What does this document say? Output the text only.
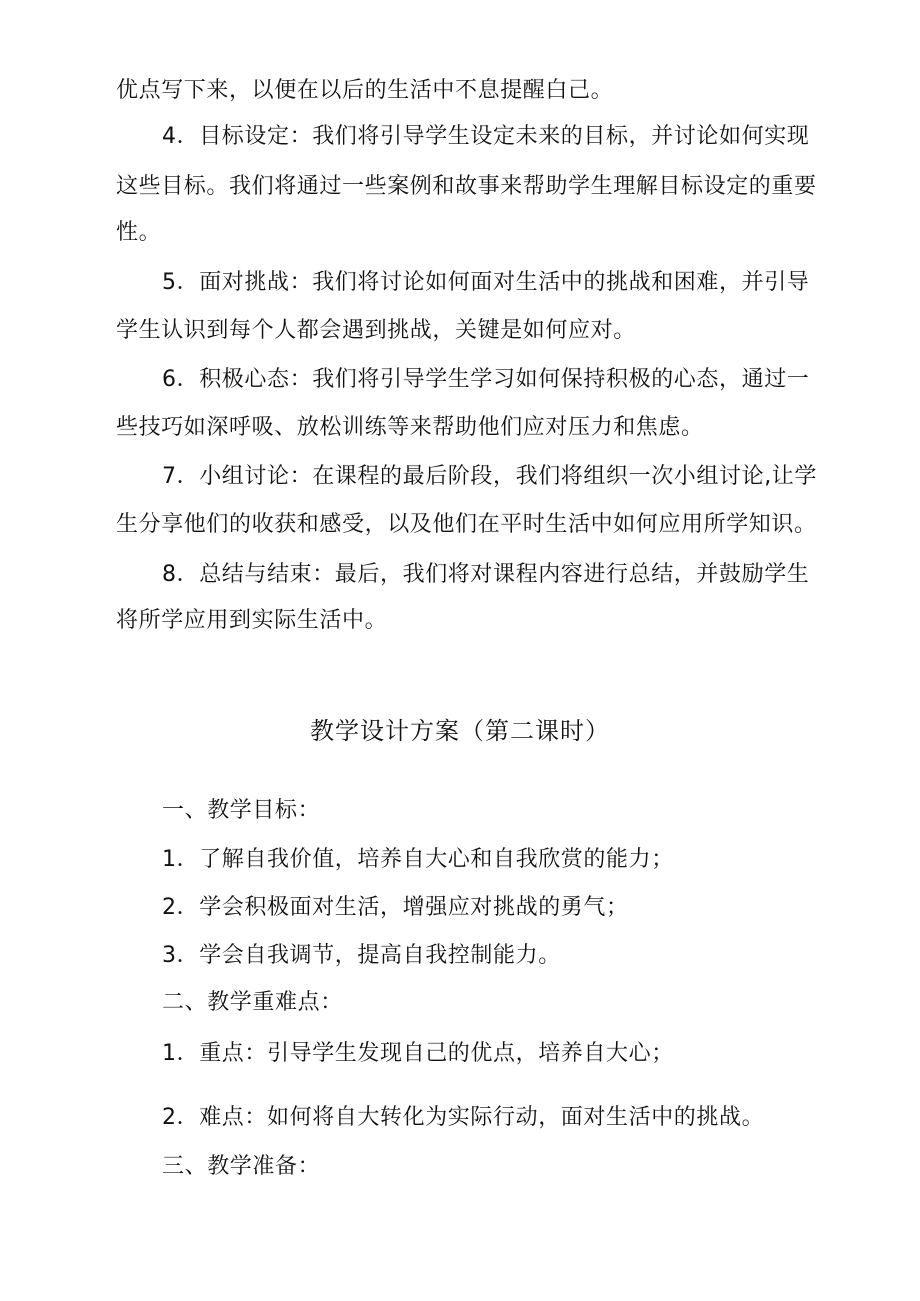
优点写下来，以便在以后的生活中不息提醒白己。
4．目标设定：我们将引导学生设定未来的目标，并讨论如何实现
这些目标。我们将通过一些案例和故事来帮助学生理解目标设定的重要
性。
5．面对挑战：我们将讨论如何面对生活中的挑战和困难，并引导
学生认识到每个人都会遇到挑战，关键是如何应对。
6．积极心态：我们将引导学生学习如何保持积极的心态，通过一
些技巧如深呼吸、放松训练等来帮助他们应对压力和焦虑。
7．小组讨论：在课程的最后阶段，我们将组织一次小组讨论,让学
生分享他们的收获和感受，以及他们在平时生活中如何应用所学知识。
8．总结与结束：最后，我们将对课程内容进行总结，并鼓励学生
将所学应用到实际生活中。
教学设计方案（第二课时）
一、教学目标：
1．了解自我价值，培养自大心和自我欣赏的能力；
2．学会积极面对生活，增强应对挑战的勇气；
3．学会自我调节，提高自我控制能力。
二、教学重难点：
1．重点：引导学生发现自己的优点，培养自大心；
2．难点：如何将自大转化为实际行动，面对生活中的挑战。
三、教学准备：
